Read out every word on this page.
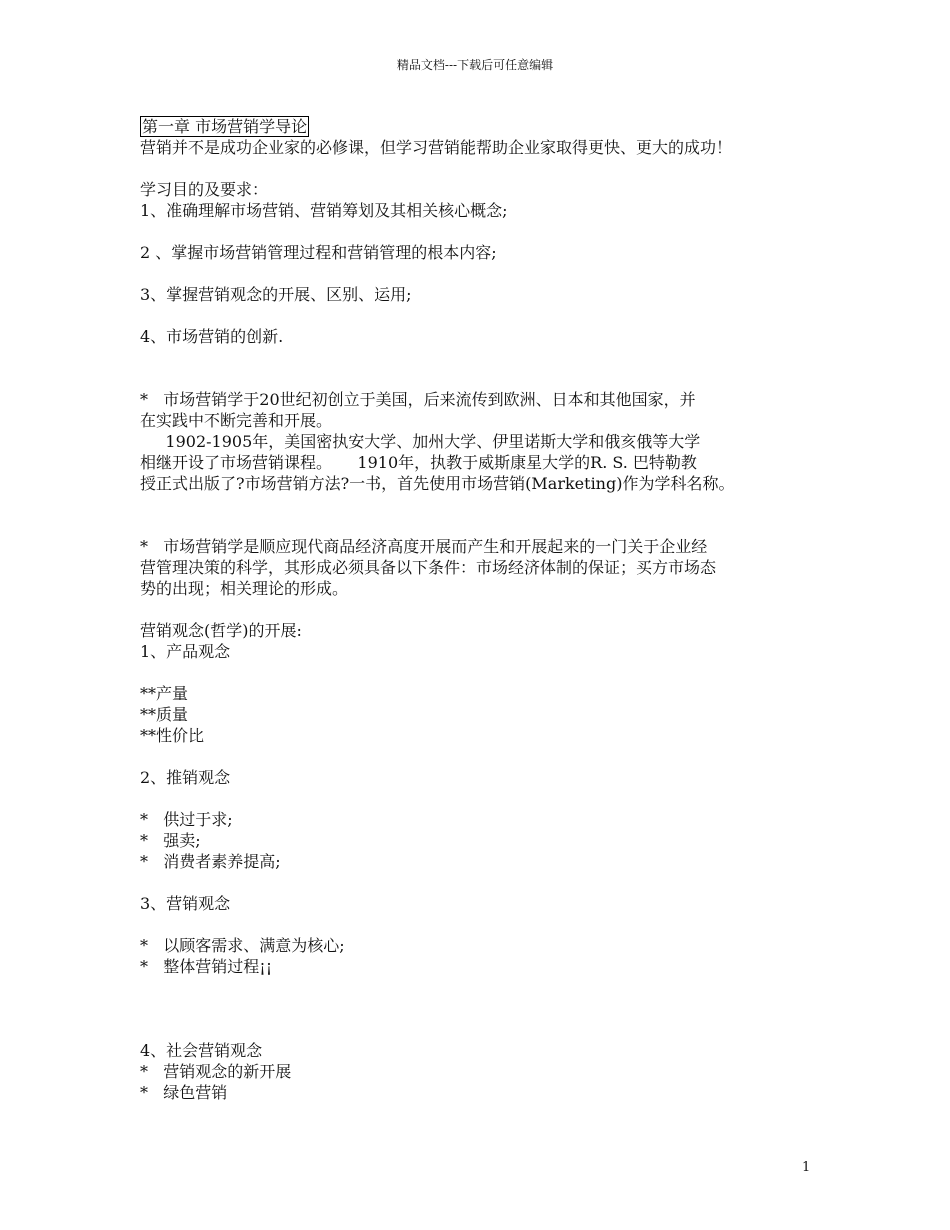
精品文档---下载后可任意编辑
第一章 市场营销学导论
营销并不是成功企业家的必修课，但学习营销能帮助企业家取得更快、更大的成功！
学习目的及要求：
1、准确理解市场营销、营销筹划及其相关核心概念;
2 、掌握市场营销管理过程和营销管理的根本内容;
3、掌握营销观念的开展、区别、运用;
4、市场营销的创新.
*   市场营销学于20世纪初创立于美国，后来流传到欧洲、日本和其他国家，并
在实践中不断完善和开展。
1902-1905年，美国密执安大学、加州大学、伊里诺斯大学和俄亥俄等大学
相继开设了市场营销课程。     1910年，执教于威斯康星大学的R. S. 巴特勒教
授正式出版了?市场营销方法?一书，首先使用市场营销(Marketing)作为学科名称。
*   市场营销学是顺应现代商品经济高度开展而产生和开展起来的一门关于企业经
营管理决策的科学，其形成必须具备以下条件：市场经济体制的保证；买方市场态
势的出现；相关理论的形成。
营销观念(哲学)的开展:
1、产品观念
**产量
**质量
**性价比
2、推销观念
*   供过于求;
*   强卖;
*   消费者素养提高;
3、营销观念
*   以顾客需求、满意为核心;
*   整体营销过程¡¡
4、社会营销观念
*   营销观念的新开展
*   绿色营销
1
